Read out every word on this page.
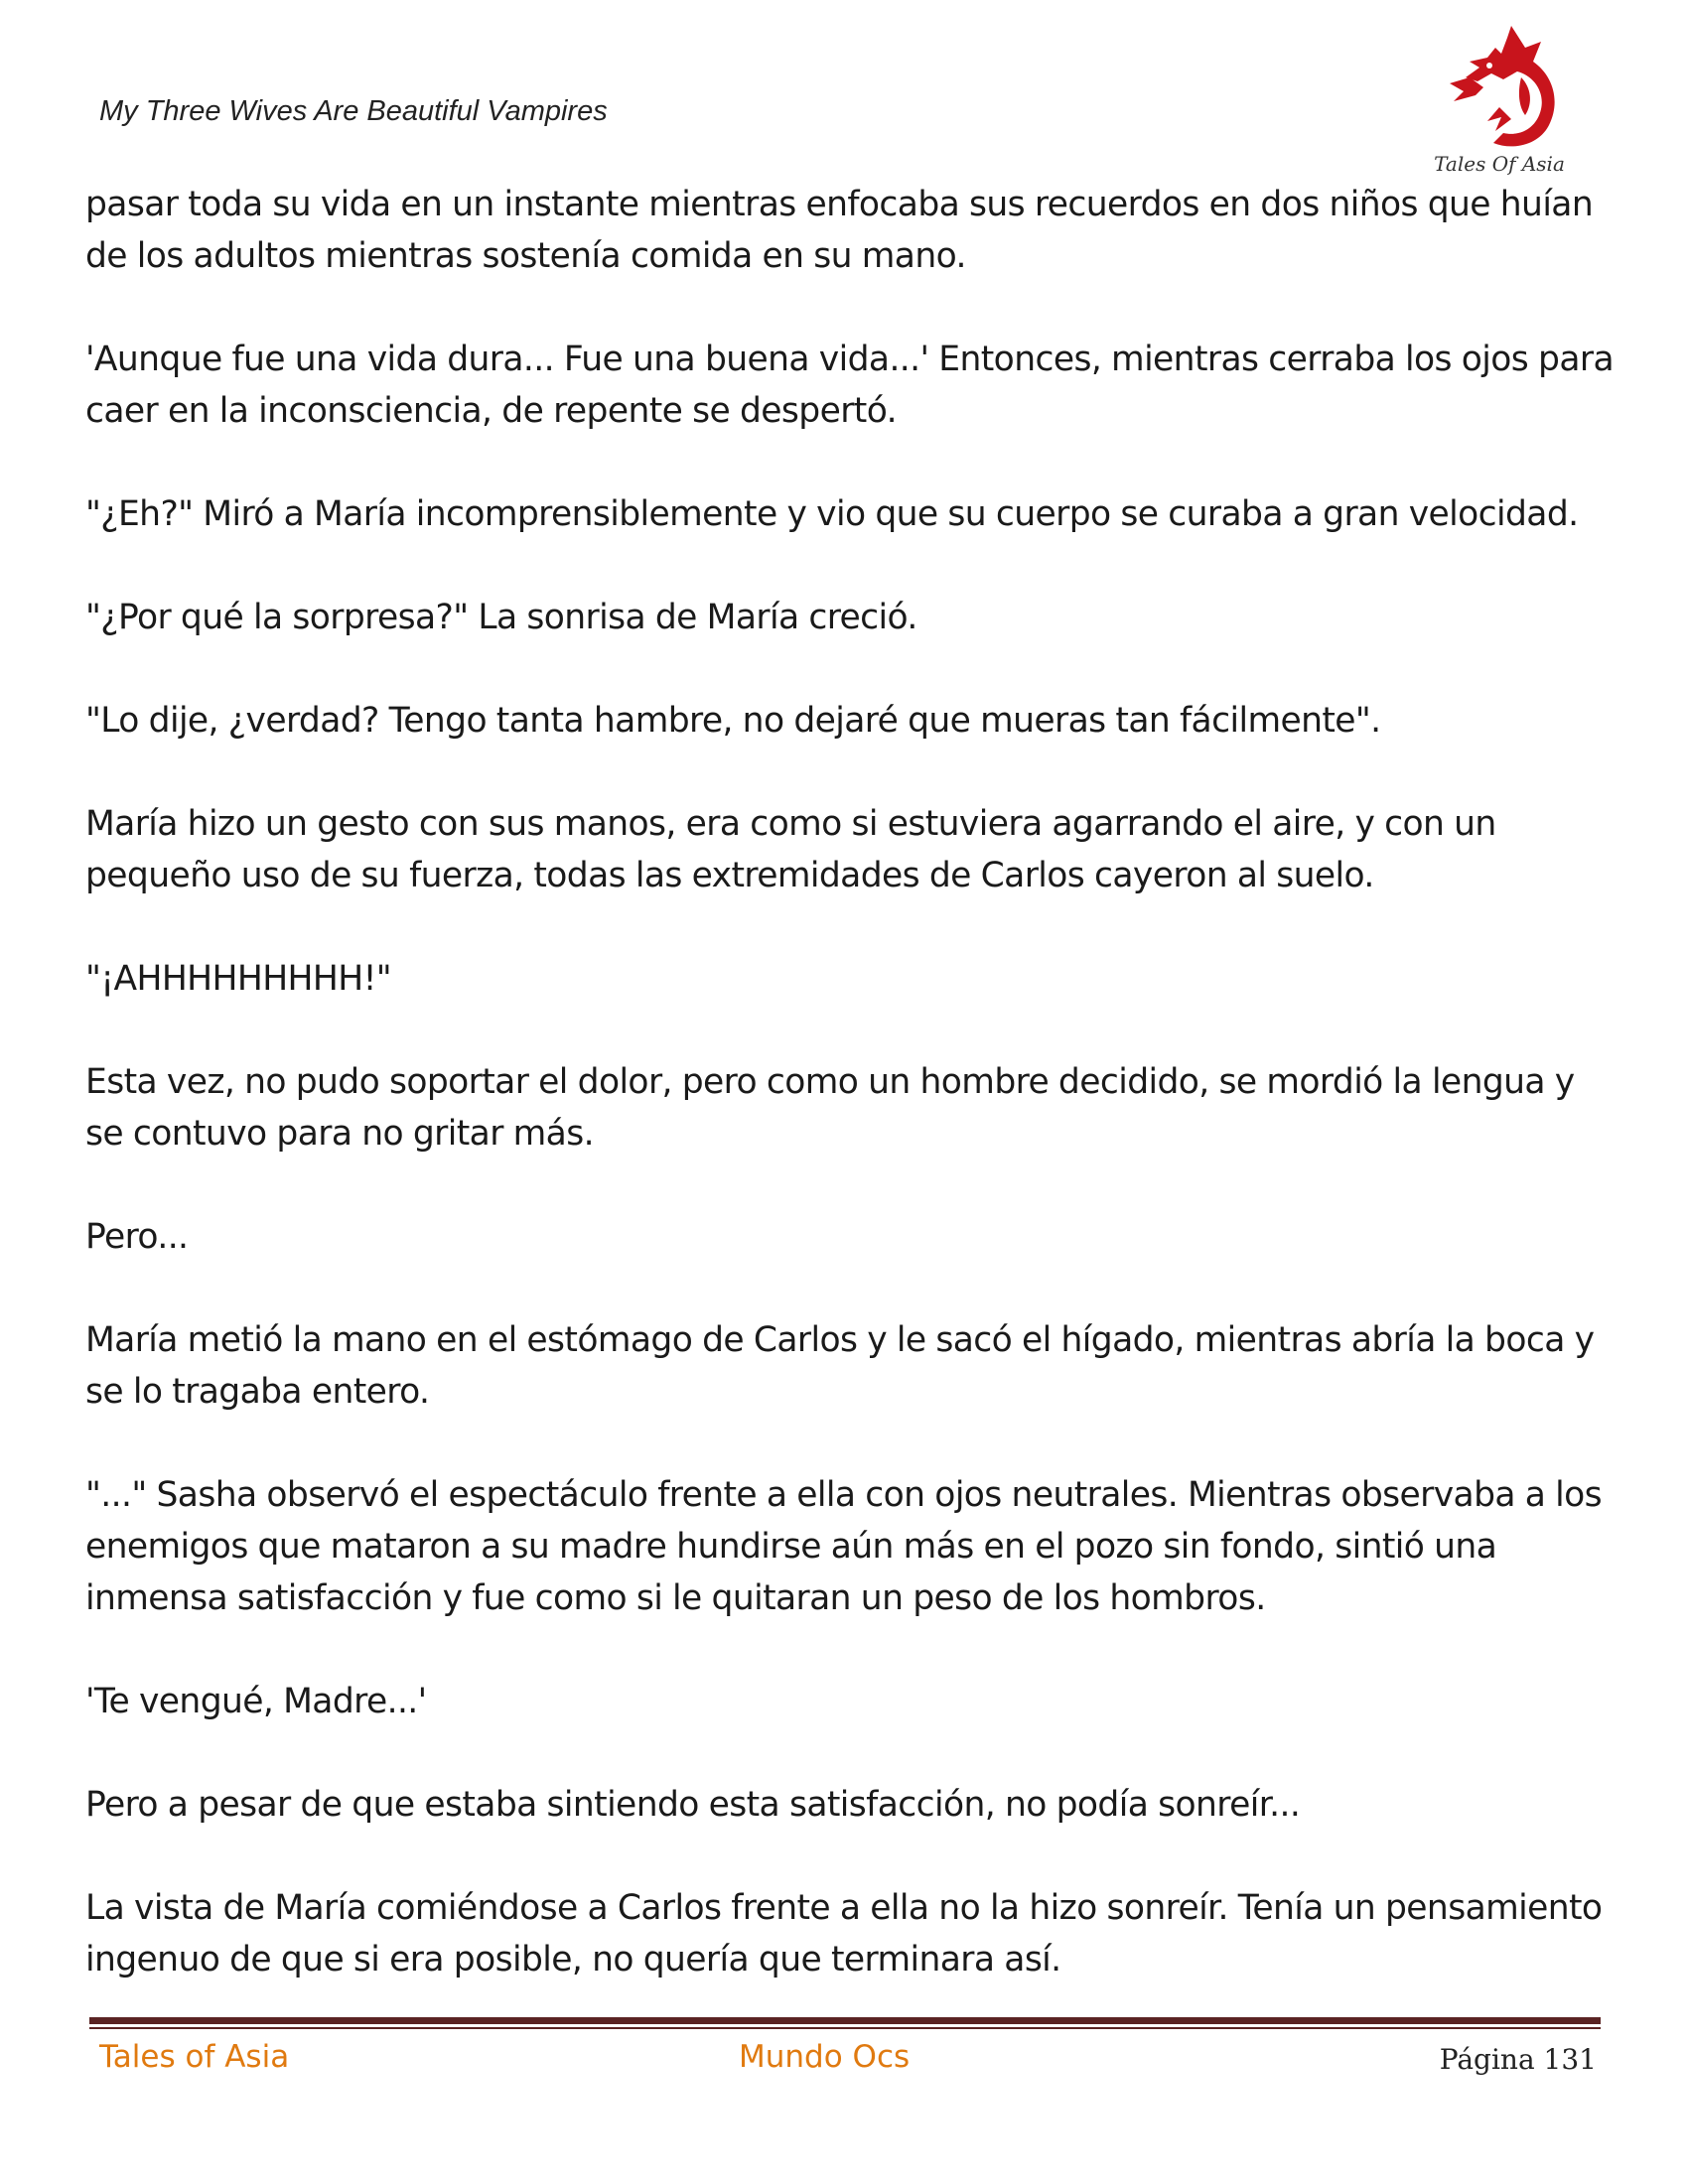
My Three Wives Are Beautiful Vampires
Tales Of Asia

pasar toda su vida en un instante mientras enfocaba sus recuerdos en dos niños que huían de los adultos mientras sostenía comida en su mano.

'Aunque fue una vida dura... Fue una buena vida...' Entonces, mientras cerraba los ojos para caer en la inconsciencia, de repente se despertó.

"¿Eh?" Miró a María incomprensiblemente y vio que su cuerpo se curaba a gran velocidad.

"¿Por qué la sorpresa?" La sonrisa de María creció.

"Lo dije, ¿verdad? Tengo tanta hambre, no dejaré que mueras tan fácilmente".

María hizo un gesto con sus manos, era como si estuviera agarrando el aire, y con un pequeño uso de su fuerza, todas las extremidades de Carlos cayeron al suelo.

"¡AHHHHHHHHH!"

Esta vez, no pudo soportar el dolor, pero como un hombre decidido, se mordió la lengua y se contuvo para no gritar más.

Pero...

María metió la mano en el estómago de Carlos y le sacó el hígado, mientras abría la boca y se lo tragaba entero.

"..." Sasha observó el espectáculo frente a ella con ojos neutrales. Mientras observaba a los enemigos que mataron a su madre hundirse aún más en el pozo sin fondo, sintió una inmensa satisfacción y fue como si le quitaran un peso de los hombros.

'Te vengué, Madre...'

Pero a pesar de que estaba sintiendo esta satisfacción, no podía sonreír...

La vista de María comiéndose a Carlos frente a ella no la hizo sonreír. Tenía un pensamiento ingenuo de que si era posible, no quería que terminara así.

Tales of Asia	Mundo Ocs	Página 131
